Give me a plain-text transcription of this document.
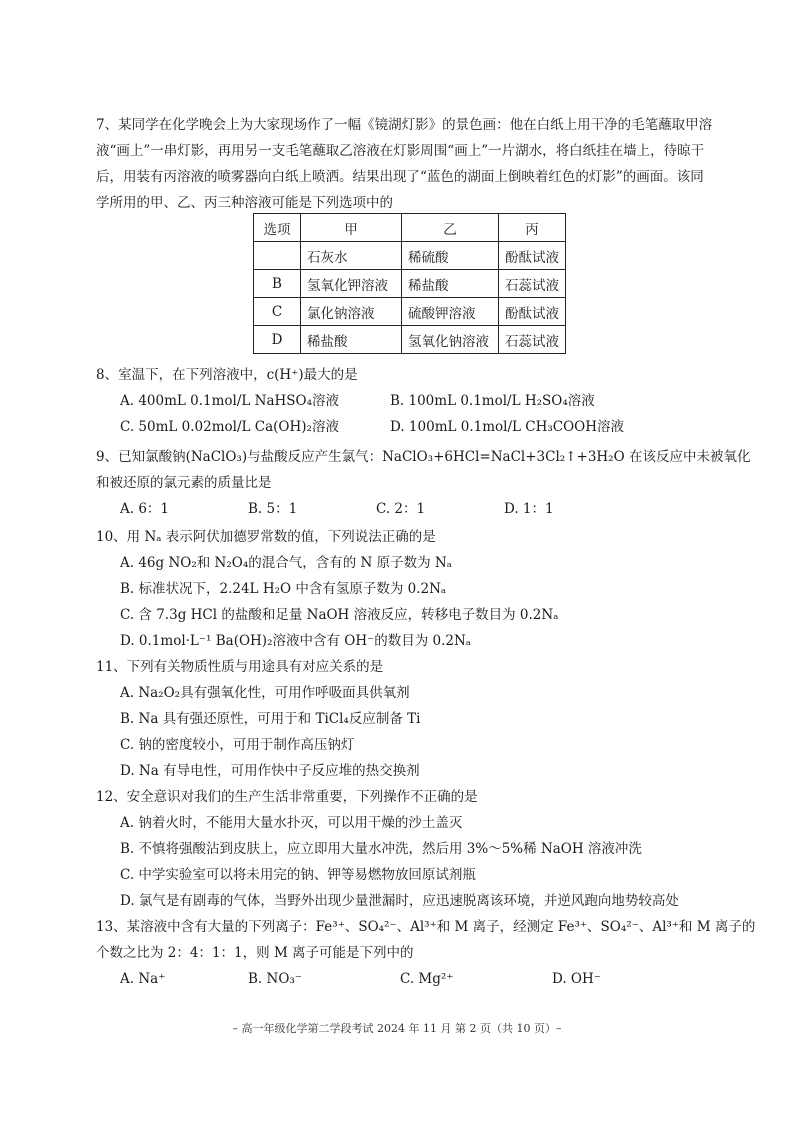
7、某同学在化学晚会上为大家现场作了一幅《镜湖灯影》的景色画：他在白纸上用干净的毛笔蘸取甲溶
液“画上”一串灯影，再用另一支毛笔蘸取乙溶液在灯影周围“画上”一片湖水，将白纸挂在墙上，待晾干
后，用装有丙溶液的喷雾器向白纸上喷洒。结果出现了“蓝色的湖面上倒映着红色的灯影”的画面。该同
学所用的甲、乙、丙三种溶液可能是下列选项中的
选项	甲	乙	丙
	石灰水	稀硫酸	酚酞试液
B	氢氧化钾溶液	稀盐酸	石蕊试液
C	氯化钠溶液	硫酸钾溶液	酚酞试液
D	稀盐酸	氢氧化钠溶液	石蕊试液
8、室温下，在下列溶液中，c(H⁺)最大的是
A. 400mL 0.1mol/L NaHSO₄溶液	B. 100mL 0.1mol/L H₂SO₄溶液
C. 50mL 0.02mol/L Ca(OH)₂溶液	D. 100mL 0.1mol/L CH₃COOH溶液
9、已知氯酸钠(NaClO₃)与盐酸反应产生氯气：NaClO₃+6HCl=NaCl+3Cl₂↑+3H₂O 在该反应中未被氧化
和被还原的氯元素的质量比是
A. 6：1	B. 5：1	C. 2：1	D. 1：1
10、用 Nₐ 表示阿伏加德罗常数的值，下列说法正确的是
A. 46g NO₂和 N₂O₄的混合气，含有的 N 原子数为 Nₐ
B. 标准状况下，2.24L H₂O 中含有氢原子数为 0.2Nₐ
C. 含 7.3g HCl 的盐酸和足量 NaOH 溶液反应，转移电子数目为 0.2Nₐ
D. 0.1mol·L⁻¹ Ba(OH)₂溶液中含有 OH⁻的数目为 0.2Nₐ
11、下列有关物质性质与用途具有对应关系的是
A. Na₂O₂具有强氧化性，可用作呼吸面具供氧剂
B. Na 具有强还原性，可用于和 TiCl₄反应制备 Ti
C. 钠的密度较小，可用于制作高压钠灯
D. Na 有导电性，可用作快中子反应堆的热交换剂
12、安全意识对我们的生产生活非常重要，下列操作不正确的是
A. 钠着火时，不能用大量水扑灭，可以用干燥的沙土盖灭
B. 不慎将强酸沾到皮肤上，应立即用大量水冲洗，然后用 3%～5%稀 NaOH 溶液冲洗
C. 中学实验室可以将未用完的钠、钾等易燃物放回原试剂瓶
D. 氯气是有剧毒的气体，当野外出现少量泄漏时，应迅速脱离该环境，并逆风跑向地势较高处
13、某溶液中含有大量的下列离子：Fe³⁺、SO₄²⁻、Al³⁺和 M 离子，经测定 Fe³⁺、SO₄²⁻、Al³⁺和 M 离子的
个数之比为 2：4：1：1，则 M 离子可能是下列中的
A. Na⁺	B. NO₃⁻	C. Mg²⁺	D. OH⁻
– 高一年级化学第二学段考试 2024 年 11 月 第 2 页（共 10 页）–
